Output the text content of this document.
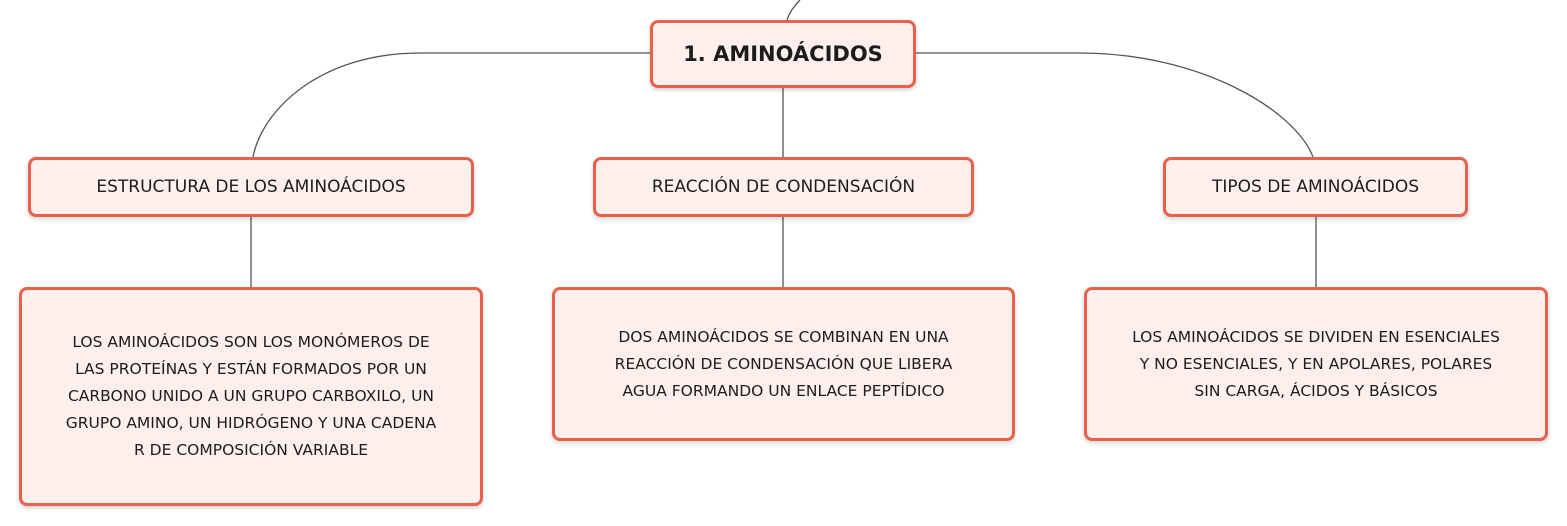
1. AMINOÁCIDOS
ESTRUCTURA DE LOS AMINOÁCIDOS	REACCIÓN DE CONDENSACIÓN	TIPOS DE AMINOÁCIDOS
LOS AMINOÁCIDOS SON LOS MONÓMEROS DE
LAS PROTEÍNAS Y ESTÁN FORMADOS POR UN
CARBONO UNIDO A UN GRUPO CARBOXILO, UN
GRUPO AMINO, UN HIDRÓGENO Y UNA CADENA
R DE COMPOSICIÓN VARIABLE
DOS AMINOÁCIDOS SE COMBINAN EN UNA
REACCIÓN DE CONDENSACIÓN QUE LIBERA
AGUA FORMANDO UN ENLACE PEPTÍDICO
LOS AMINOÁCIDOS SE DIVIDEN EN ESENCIALES
Y NO ESENCIALES, Y EN APOLARES, POLARES
SIN CARGA, ÁCIDOS Y BÁSICOS
